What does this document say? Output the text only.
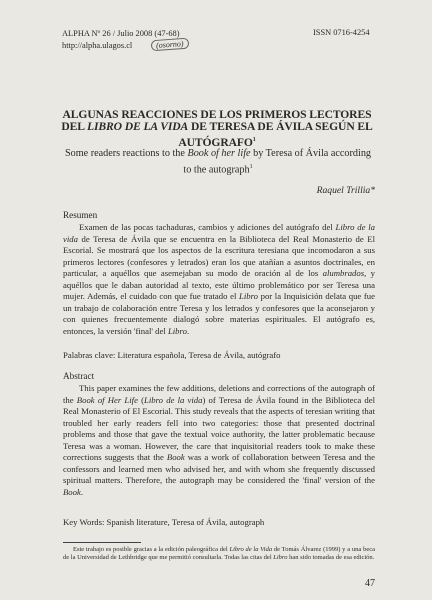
ALPHA Nº 26 / Julio 2008 (47-68)
http://alpha.ulagos.cl
ISSN 0716-4254
(osorno)
ALGUNAS REACCIONES DE LOS PRIMEROS LECTORES
DEL LIBRO DE LA VIDA DE TERESA DE ÁVILA SEGÚN EL
AUTÓGRAFO$^1$
Some readers reactions to the Book of her life by Teresa of Ávila according to the autograph$^1$
Raquel Trillia*
Resumen
Examen de las pocas tachaduras, cambios y adiciones del autógrafo del Libro de la vida de Teresa de Ávila que se encuentra en la Biblioteca del Real Monasterio de El Escorial. Se mostrará que los aspectos de la escritura teresiana que incomodaron a sus primeros lectores (confesores y letrados) eran los que atañían a asuntos doctrinales, en particular, a aquéllos que asemejaban su modo de oración al de los alumbrados, y aquéllos que le daban autoridad al texto, este último problemático por ser Teresa una mujer. Además, el cuidado con que fue tratado el Libro por la Inquisición delata que fue un trabajo de colaboración entre Teresa y los letrados y confesores que la aconsejaron y con quienes frecuentemente dialogó sobre materias espirituales. El autógrafo es, entonces, la versión 'final' del Libro.
Palabras clave: Literatura española, Teresa de Ávila, autógrafo
Abstract
This paper examines the few additions, deletions and corrections of the autograph of the Book of Her Life (Libro de la vida) of Teresa de Ávila found in the Biblioteca del Real Monasterio of El Escorial. This study reveals that the aspects of teresian writing that troubled her early readers fell into two categories: those that presented doctrinal problems and those that gave the textual voice authority, the latter problematic because Teresa was a woman. However, the care that inquisitorial readers took to make these corrections suggests that the Book was a work of collaboration between Teresa and the confessors and learned men who advised her, and with whom she frequently discussed spiritual matters. Therefore, the autograph may be considered the 'final' version of the Book.
Key Words: Spanish literature, Teresa of Ávila, autograph
Este trabajo es posible gracias a la edición paleográfica del Libro de la Vida de Tomás Álvarez (1999) y a una beca de la Universidad de Lethbridge que me permitió consultarla. Todas las citas del Libro han sido tomadas de esa edición.
47
